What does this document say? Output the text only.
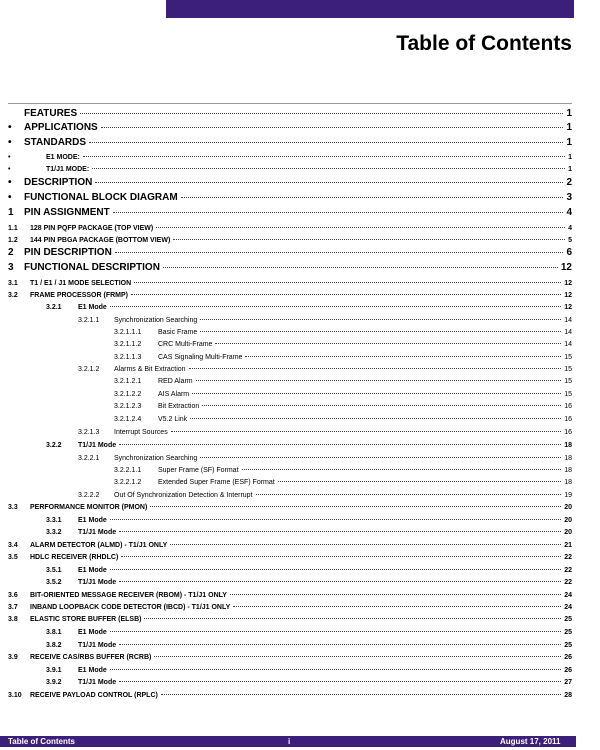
Table of Contents
FEATURES	1
•	APPLICATIONS	1
•	STANDARDS	1
•	E1 MODE:	1
•	T1/J1 MODE:	1
•	DESCRIPTION	2
•	FUNCTIONAL BLOCK DIAGRAM	3
1	PIN ASSIGNMENT	4
1.1	128 PIN PQFP PACKAGE (TOP VIEW)	4
1.2	144 PIN PBGA PACKAGE (BOTTOM VIEW)	5
2	PIN DESCRIPTION	6
3	FUNCTIONAL DESCRIPTION	12
3.1	T1 / E1 / J1 MODE SELECTION	12
3.2	FRAME PROCESSOR (FRMP)	12
3.2.1	E1 Mode	12
3.2.1.1	Synchronization Searching	14
3.2.1.1.1	Basic Frame	14
3.2.1.1.2	CRC Multi-Frame	14
3.2.1.1.3	CAS Signaling Multi-Frame	15
3.2.1.2	Alarms & Bit Extraction	15
3.2.1.2.1	RED Alarm	15
3.2.1.2.2	AIS Alarm	15
3.2.1.2.3	Bit Extraction	16
3.2.1.2.4	V5.2 Link	16
3.2.1.3	Interrupt Sources	16
3.2.2	T1/J1 Mode	18
3.2.2.1	Synchronization Searching	18
3.2.2.1.1	Super Frame (SF) Format	18
3.2.2.1.2	Extended Super Frame (ESF) Format	18
3.2.2.2	Out Of Synchronization Detection & Interrupt	19
3.3	PERFORMANCE MONITOR (PMON)	20
3.3.1	E1 Mode	20
3.3.2	T1/J1 Mode	20
3.4	ALARM DETECTOR (ALMD) - T1/J1 ONLY	21
3.5	HDLC RECEIVER (RHDLC)	22
3.5.1	E1 Mode	22
3.5.2	T1/J1 Mode	22
3.6	BIT-ORIENTED MESSAGE RECEIVER (RBOM) - T1/J1 ONLY	24
3.7	INBAND LOOPBACK CODE DETECTOR (IBCD) - T1/J1 ONLY	24
3.8	ELASTIC STORE BUFFER (ELSB)	25
3.8.1	E1 Mode	25
3.8.2	T1/J1 Mode	25
3.9	RECEIVE CAS/RBS BUFFER (RCRB)	26
3.9.1	E1 Mode	26
3.9.2	T1/J1 Mode	27
3.10	RECEIVE PAYLOAD CONTROL (RPLC)	28
Table of Contents	i	August 17, 2011
